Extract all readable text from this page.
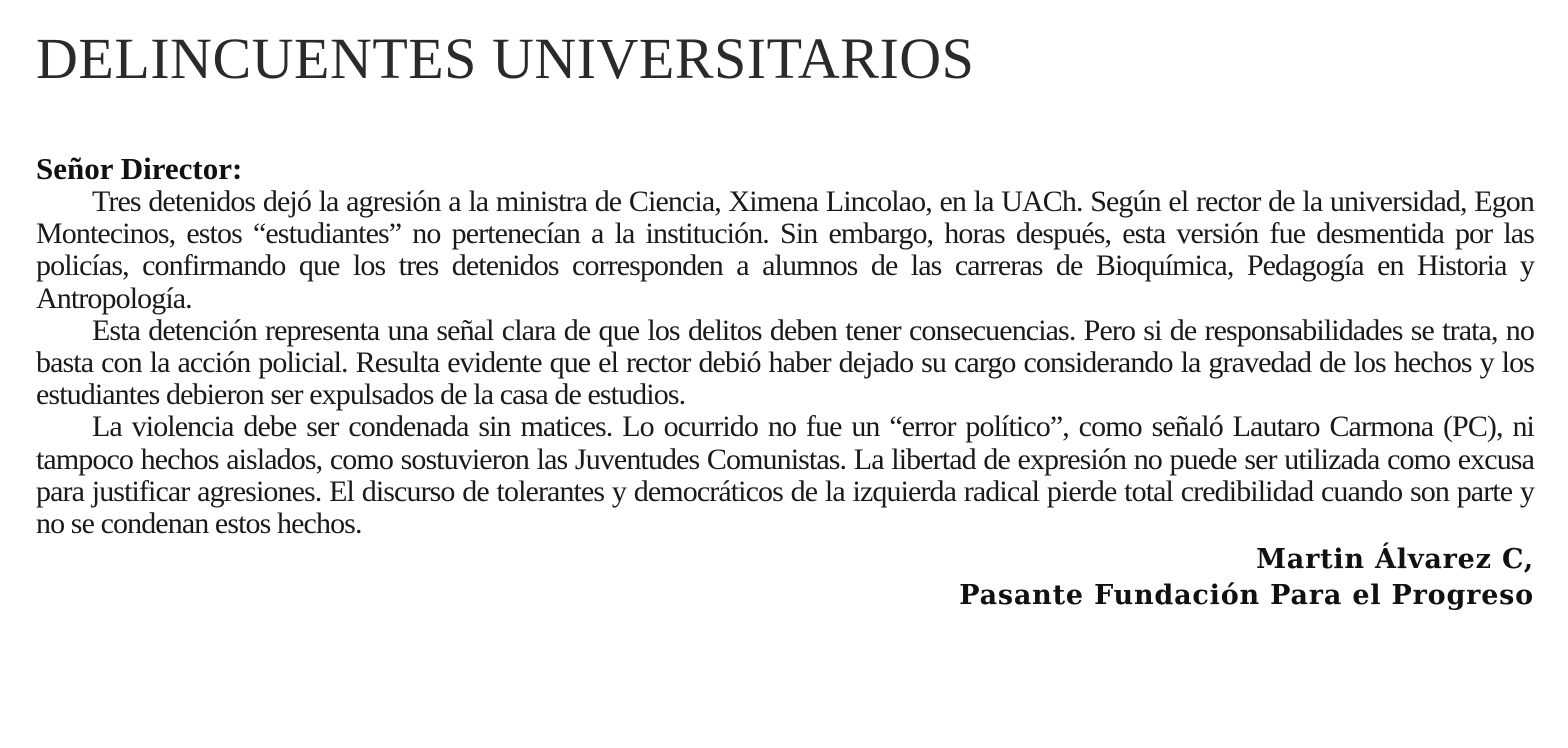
DELINCUENTES UNIVERSITARIOS
Señor Director:

Tres detenidos dejó la agresión a la ministra de Ciencia, Ximena Lincolao, en la UACh. Según el rector de la universidad, Egon Montecinos, estos “estudiantes” no pertenecían a la institución. Sin embargo, horas después, esta versión fue desmentida por las policías, confirmando que los tres detenidos corresponden a alumnos de las carreras de Bioquímica, Pedagogía en Historia y Antropología.

Esta detención representa una señal clara de que los delitos deben tener consecuencias. Pero si de responsabilidades se trata, no basta con la acción policial. Resulta evidente que el rector debió haber dejado su cargo considerando la gravedad de los hechos y los estudiantes debieron ser expulsados de la casa de estudios.

La violencia debe ser condenada sin matices. Lo ocurrido no fue un “error político”, como señaló Lautaro Carmona (PC), ni tampoco hechos aislados, como sostuvieron las Juventudes Comunistas. La libertad de expresión no puede ser utilizada como excusa para justificar agresiones. El discurso de tolerantes y democráticos de la izquierda radical pierde total credibilidad cuando son parte y no se condenan estos hechos.

Martin Álvarez C,
Pasante Fundación Para el Progreso
